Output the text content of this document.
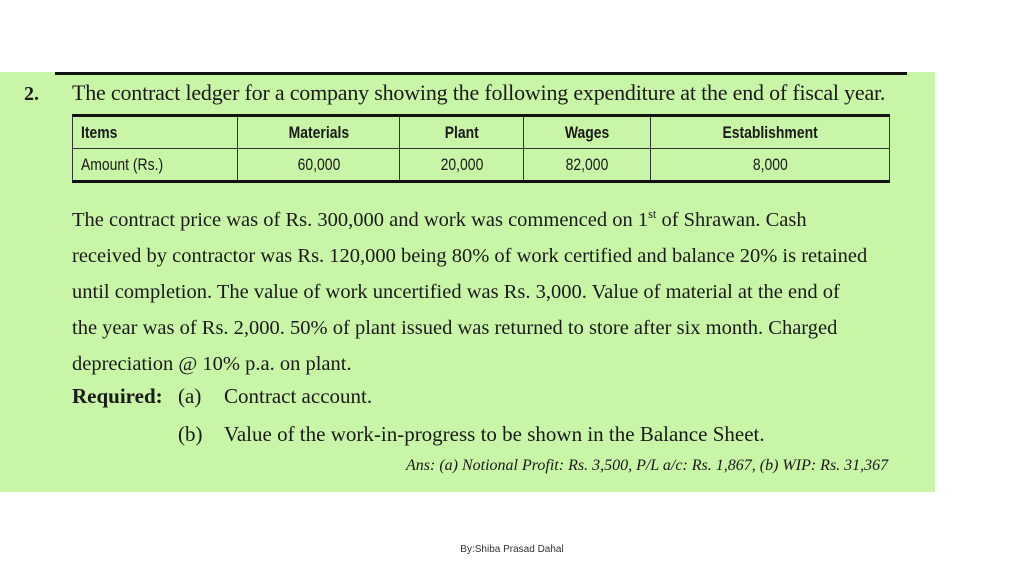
2. The contract ledger for a company showing the following expenditure at the end of fiscal year.
Items	Materials	Plant	Wages	Establishment
Amount (Rs.)	60,000	20,000	82,000	8,000
The contract price was of Rs. 300,000 and work was commenced on 1st of Shrawan. Cash
received by contractor was Rs. 120,000 being 80% of work certified and balance 20% is retained
until completion. The value of work uncertified was Rs. 3,000. Value of material at the end of
the year was of Rs. 2,000. 50% of plant issued was returned to store after six month. Charged
depreciation @ 10% p.a. on plant.
Required: (a) Contract account.
(b) Value of the work-in-progress to be shown in the Balance Sheet.
Ans: (a) Notional Profit: Rs. 3,500, P/L a/c: Rs. 1,867, (b) WIP: Rs. 31,367
By:Shiba Prasad Dahal
